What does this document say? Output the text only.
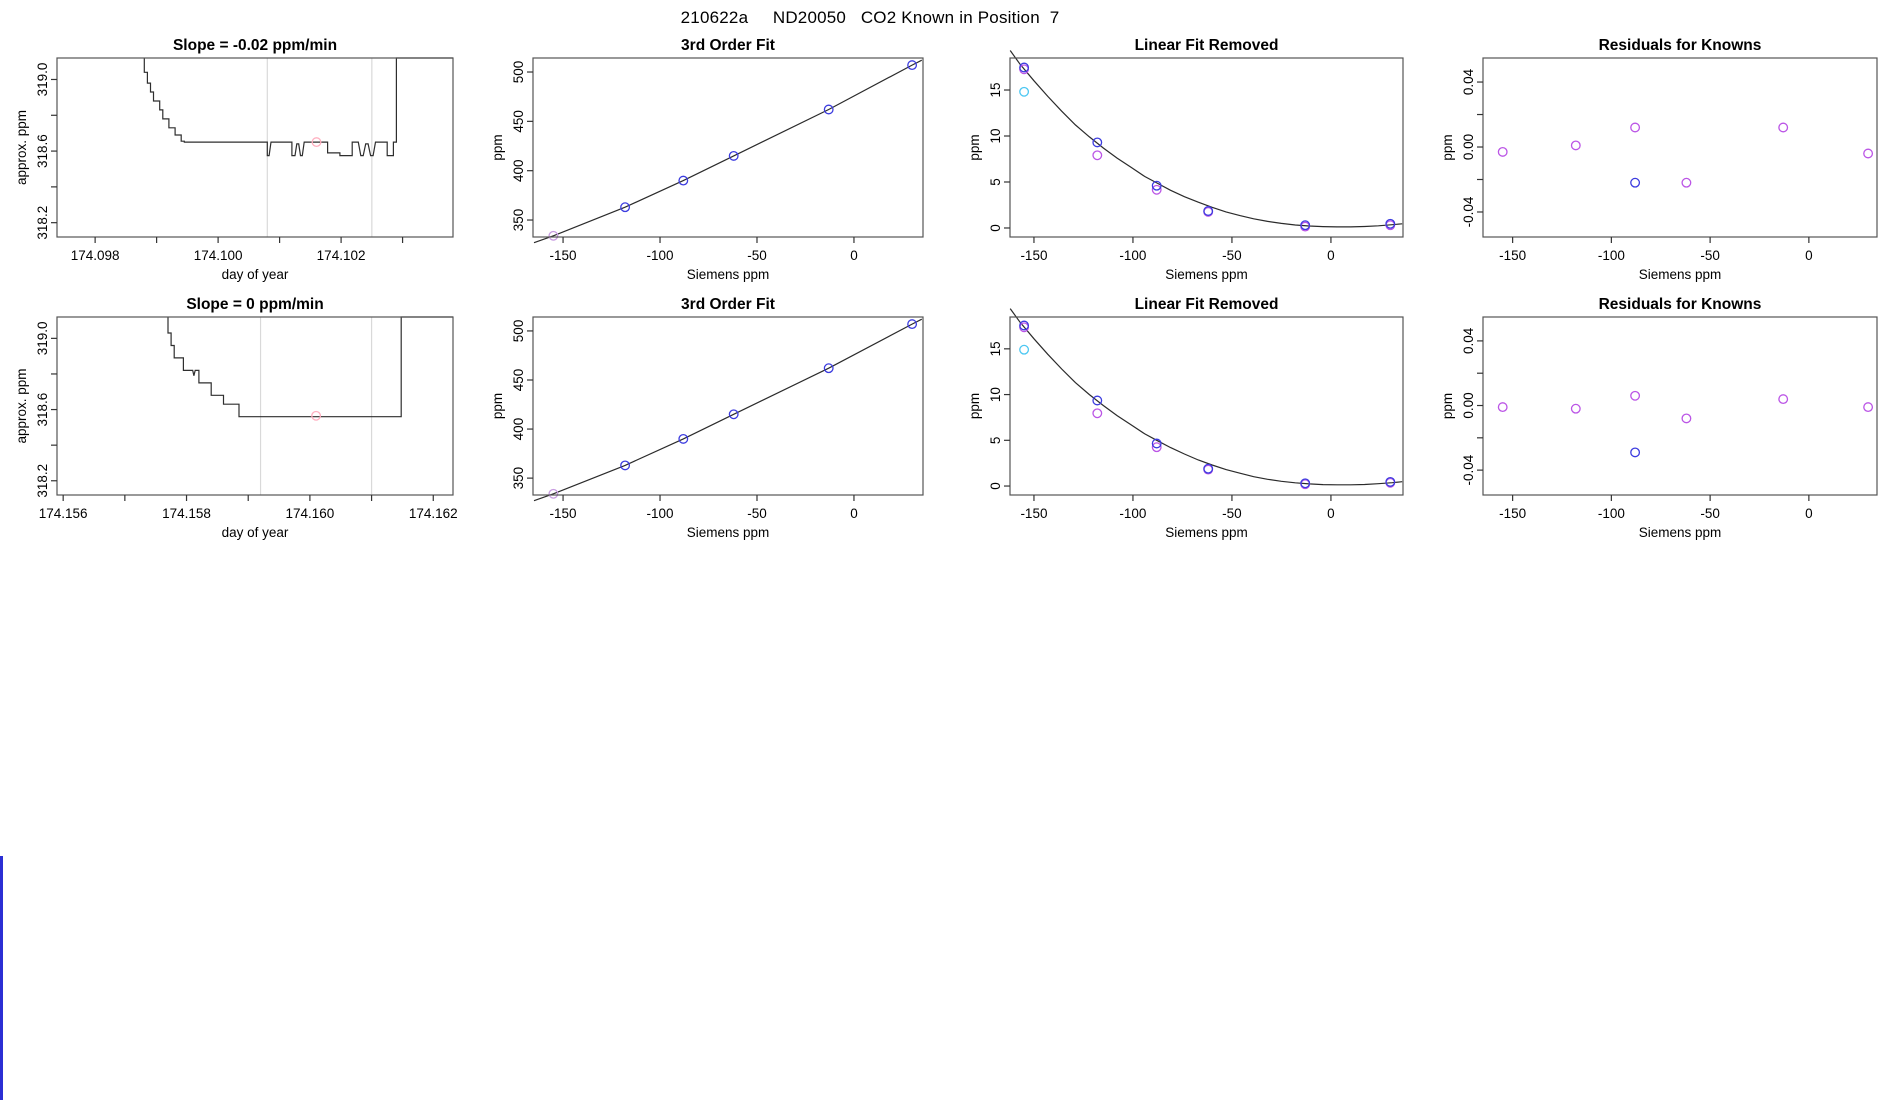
210622a     ND20050   CO2 Known in Position  7
174.098	174.100	174.102
318.2
318.6
319.0
Slope = -0.02 ppm/min
day of year
approx. ppm
-150	-100	-50	0
350
400
450
500
3rd Order Fit
Siemens ppm
ppm
-150	-100	-50	0
0
5
10
15
Linear Fit Removed
Siemens ppm
ppm
-150	-100	-50	0
-0.04
0.00
0.04
Residuals for Knowns
Siemens ppm
ppm
174.156	174.158	174.160	174.162
318.2
318.6
319.0
Slope = 0 ppm/min
day of year
approx. ppm
-150	-100	-50	0
350
400
450
500
3rd Order Fit
Siemens ppm
ppm
-150	-100	-50	0
0
5
10
15
Linear Fit Removed
Siemens ppm
ppm
-150	-100	-50	0
-0.04
0.00
0.04
Residuals for Knowns
Siemens ppm
ppm
